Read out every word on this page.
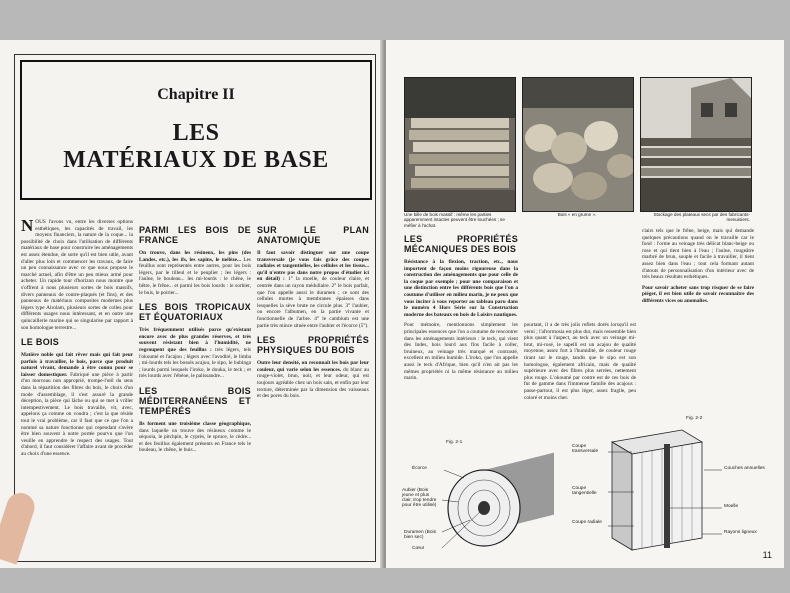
Chapitre II
LES
MATÉRIAUX DE BASE

NOUS l'avons vu, entre les diverses options esthétiques, les capacités de travail, les moyens financiers, la nature de la coque... la possibilité de choix dans l'utilisation de différents matériaux de base pour construire les aménagements est assez étendue, de sorte qu'il est bien utile, avant d'aller plus loin et commencer les travaux, de faire un peu connaissance avec ce que nous propose le marché actuel, afin d'être un peu mieux armé pour acheter. Un rapide tour d'horizon nous montre que s'offrent à nous plusieurs sortes de bois massifs, divers panneaux de contre-plaqués (et fins), et des panneaux de matériaux composites modernes plus légers type Airolam, plusieurs sortes de colles pour différents usages nous intéressant, et en outre une quincaillerie marine qui se singularise par rapport à son homologue terrestre...

LE BOIS

Matière noble qui fait rêver mais qui fait peur parfois à travailler, le bois, parce que produit naturel vivant, demande à être connu pour se laisser domestiquer. Fabriqué une pièce à partir d'un morceau non approprié, trompe-l'œil du sens dans la répartition des fibres du bois, le choix d'un mode d'assemblage, il s'est assuré la grande déception, la pièce qui lâche ou qui se met à vriller intempestivement. Le bois travaille, vit, avec, appelons ça comme on voudra ; c'est la que réside tout le vrai problème, car il faut que ce que l'on a nommé sa nature fonctionne qui cependant s'avère être bien souvent à notre portée pourvu que l'on veuille en apprendre le respect des usages. Tout d'abord, il faut considérer l'affaire avant de procéder au choix d'une essence.

PARMI LES BOIS DE FRANCE

On trouve, dans les résineux, les pins (des Landes, etc.), les ifs, les sapins, le mélèze... Les feuillus sont représentés entre autres, pour les bois légers, par le tilleul et le peuplier ; les légers : l'aulne, le bouleau... les mi-lourds : le chêne, le hêtre, le frêne... et parmi les bois lourds : le sorbier, le buis, le poirier...

LES BOIS TROPICAUX ET ÉQUATORIAUX

Très fréquemment utilisés parce qu'existant encore avec de plus grandes réserves, et très souvent résistant bien à l'humidité, ne regroupent que des feuillus : très légers, tels l'okoumé et l'acajou ; légers avec l'avodiré, le limba ; mi-lourds tels les bossés acajou, le sipo, le bubinga ; lourds parmi lesquels l'iroko, le douka, le teck ; et très lourds avec l'ébène, le palissandre...

LES BOIS MÉDITERRANÉENS ET TEMPÉRÉS

Ils forment une troisième classe géographique, dans laquelle on trouve des résineux comme le séquoia, le pitchpin, le cyprès, le spruce, le cèdre... et des feuillus également présents en France tels le bouleau, le chêne, le buis...

SUR LE PLAN ANATOMIQUE

Il faut savoir distinguer sur une coupe transversale (je vous fais grâce des coupes radiales et tangentielles, les cellules et les tissus... qu'il n'entre pas dans notre propos d'étudier ici en détail) : 1° la moelle, de couleur claire, et centrée dans un rayon médullaire. 2° le bois parfait, que l'on appelle aussi le duramen ; ce sont des cellules mortes à membranes épaisses dans lesquelles la sève brute ne circule plus. 3° l'aubier, ou encore l'albumen, en la partie vivante et fonctionnelle de l'arbre. 4° le cambium est une partie très mince située entre l'aubier et l'écorce (5°).

LES PROPRIÉTÉS PHYSIQUES DU BOIS

Outre leur densité, on reconnaît les bois par leur couleur, qui varie selon les essences. du blanc au rouge-violet, brun, noir, et leur odeur, qui est toujours agréable chez un bois sain, et enfin par leur texture, déterminée par la dimension des vaisseaux et des pores du bois.

Une bille de bois massif : même les parties apparemment intactes peuvent être touchées ; se méfier à l'achat.
Bois « en grume ».	Stockage des plateaux secs par des fabricants-menuisiers.
LES PROPRIÉTÉS MÉCANIQUES DES BOIS

Résistance à la flexion, traction, etc., nous importent de façon moins rigoureuse dans la construction des aménagements que pour celle de la coque par exemple ; pour une comparaison et une distinction entre les différents bois que l'on a coutume d'utiliser en milieu marin, je ne peux que vous inciter à vous reporter au tableau paru dans le numéro 4 Hors Série sur la Construction moderne des bateaux en bois de Loisirs nautiques.

Pour mémoire, mentionnons simplement les principales essences que l'on a coutume de rencontrer dans les aménagements intérieurs : le teck, qui vient des Indes, bois lourd aux fins facile à coller, bruineux, au veinage très marqué et contrasté, excellent en milieu humide. L'iroko, que l'on appelle aussi le teck d'Afrique, bien qu'il n'en ait pas les mêmes propriétés ni la même résistance au milieu marin.

pourtant, il a de très jolis reflets dorés lorsqu'il est verni ; l'afrormosia est plus dur, mais ressemble bien plus quant à l'aspect, au teck avec un veinage mi-brut, mi-rosé, le sapelli est un acajou de qualité moyenne, assez fort à l'humidité, de couleur rouge tirant sur le rouge, tandis que le sipo est son homologue, également africain, mais de qualité supérieure avec des fibres plus serrées, nettement plus rouge. L'okoumé par contre est de ces bois de fut de gamme dans l'immense famille des acajous : passe-partout, il est plus léger, assez fragile, peu coloré et moins cher.

clairs tels que le frêne, beige, mais qui demande quelques précautions quand on le travaille car le fond : l'orme au veinage très délicat blanc-beige ou rose et qui tient bien à l'eau ; l'aulne, rougeâtre marbré de brun, souple et facile à travailler, il tient assez bien dans l'eau ; tout cela formant autant d'atouts de personnalisation d'un intérieur avec de très beaux résultats esthétiques.

Pour savoir acheter sans trop risquer de se faire piéger, il est bien utile de savoir reconnaître des différents vices ou anomalies.

Fig. 2-1
Écorce
Aubier (Bois jeune et plus clair, trop tendre pour être utilisé)
Duramen (Bois bien sec)
Cœur
Fig. 2-2
Coupe transversale
Couches annuelles
Coupe tangentielle
Moelle
Coupe radiale
Rayons ligneux
11
